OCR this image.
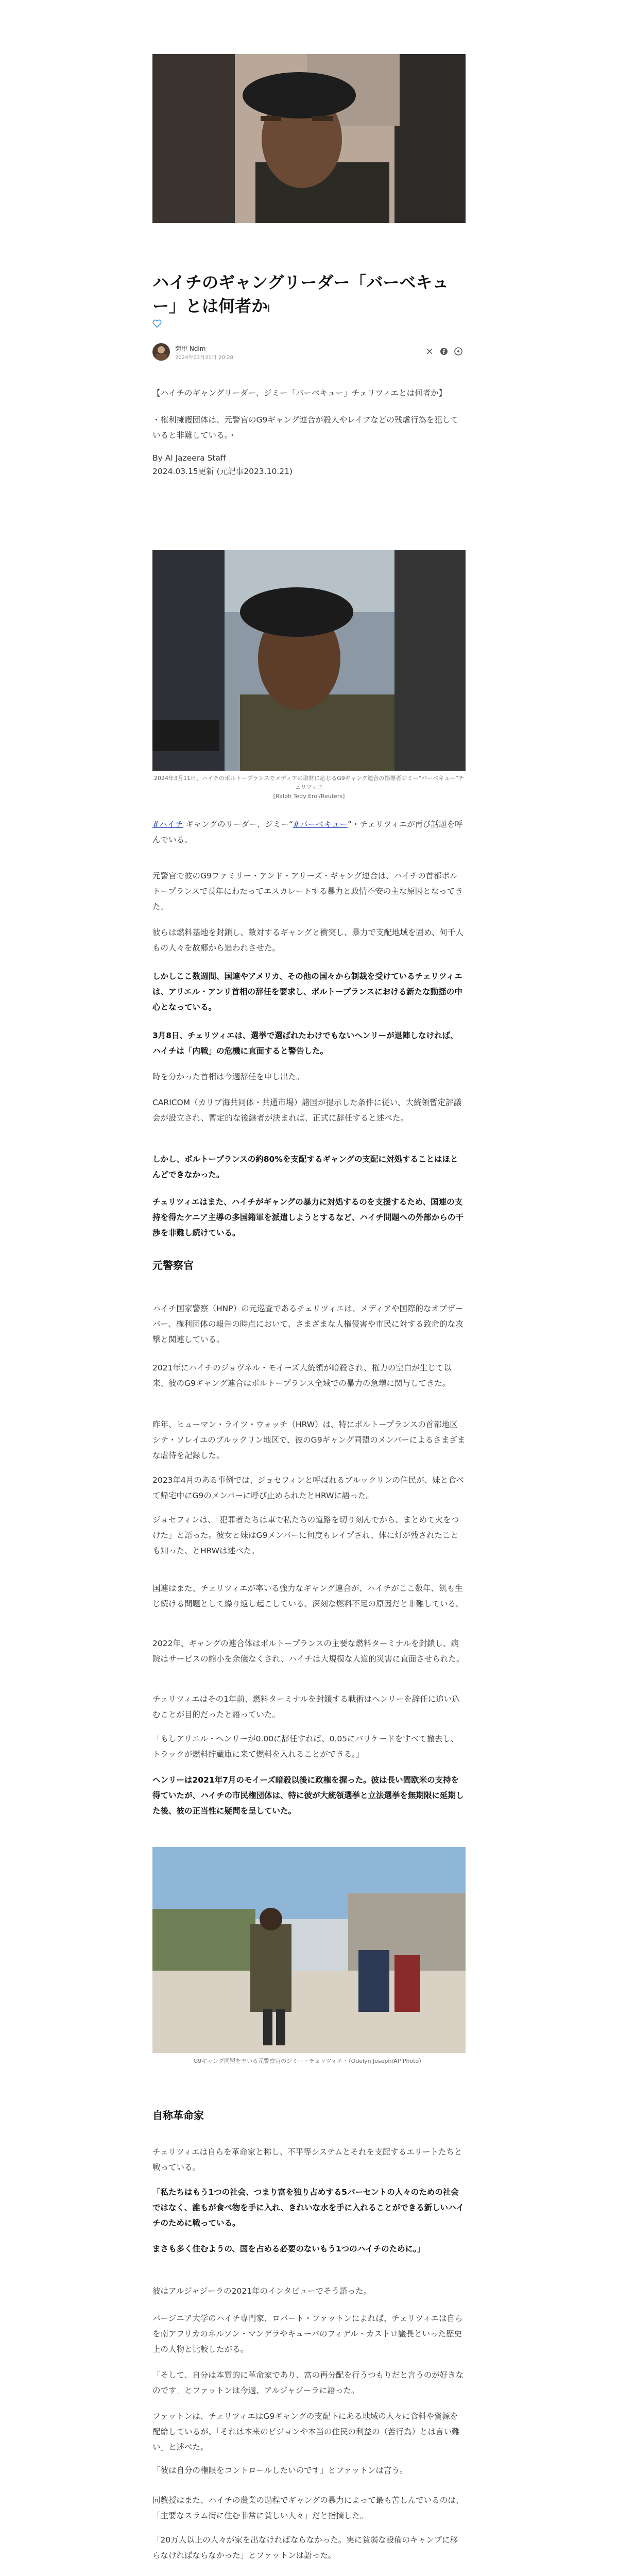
ハイチのギャングリーダー「バーベキュー」とは何者か𓏺
菊甲 Ndim
2024年03月21日 20:28

【ハイチのギャングリーダー、ジミー「バーベキュー」チェリツィエとは何者か】

・権利擁護団体は、元警官のG9ギャング連合が殺人やレイプなどの残虐行為を犯していると非難している。・

By Al Jazeera Staff

2024.03.15更新 (元記事2023.10.21)

2024年3月11日、ハイチのポルトープランスでメディアの取材に応じるG9ギャング連合の指導者ジミー“バーベキュー”チェリツィエ

[Ralph Tedy Erol/Reuters]

#ハイチ ギャングのリーダー、ジミー“#バーベキュー”・チェリツィエが再び話題を呼んでいる。

元警官で彼のG9ファミリー・アンド・アリーズ・ギャング連合は、ハイチの首都ポルトープランスで長年にわたってエスカレートする暴力と政情不安の主な原因となってきた。

彼らは燃料基地を封鎖し、敵対するギャングと衝突し、暴力で支配地域を固め、何千人もの人々を故郷から追われさせた。

しかしここ数週間、国連やアメリカ、その他の国々から制裁を受けているチェリツィエは、アリエル・アンリ首相の辞任を要求し、ポルトープランスにおける新たな動揺の中心となっている。

3月8日、チェリツィエは、選挙で選ばれたわけでもないヘンリーが退陣しなければ、ハイチは「内戦」の危機に直面すると警告した。

時を分かった首相は今週辞任を申し出た。

CARICOM（カリブ海共同体・共通市場）諸国が提示した条件に従い、大統領暫定評議会が設立され、暫定的な後継者が決まれば、正式に辞任すると述べた。

しかし、ポルトープランスの約80%を支配するギャングの支配に対処することはほとんどできなかった。

チェリツィエはまた、ハイチがギャングの暴力に対処するのを支援するため、国連の支持を得たケニア主導の多国籍軍を派遣しようとするなど、ハイチ問題への外部からの干渉を非難し続けている。

元警察官

ハイチ国家警察（HNP）の元巡査であるチェリツィエは、メディアや国際的なオブザーバー、権利団体の報告の時点において、さまざまな人権侵害や市民に対する致命的な攻撃と関連している。

2021年にハイチのジョヴネル・モイーズ大統領が暗殺され、権力の空白が生じて以来、彼のG9ギャング連合はポルトープランス全域での暴力の急増に関与してきた。

昨年、ヒューマン・ライツ・ウォッチ（HRW）は、特にポルトープランスの首都地区シテ・ソレイユのブルックリン地区で、彼のG9ギャング同盟のメンバーによるさまざまな虐待を記録した。

2023年4月のある事例では、ジョセフィンと呼ばれるブルックリンの住民が、妹と食べて帰宅中にG9のメンバーに呼び止められたとHRWに語った。

ジョセフィンは、「犯罪者たちは車で私たちの道路を切り刻んでから、まとめて火をつけた」と語った。彼女と妹はG9メンバーに何度もレイプされ、体に灯が残されたことも知った、とHRWは述べた。

国連はまた、チェリツィエが率いる強力なギャング連合が、ハイチがここ数年、飢も生じ続ける問題として繰り返し起こしている、深刻な燃料不足の原因だと非難している。

2022年、ギャングの連合体はポルトープランスの主要な燃料ターミナルを封鎖し、病院はサービスの縮小を余儀なくされ、ハイチは大規模な人道的災害に直面させられた。

チェリツィエはその1年前、燃料ターミナルを封鎖する戦術はヘンリーを辞任に追い込むことが目的だったと語っていた。

「もしアリエル・ヘンリーが0.00に辞任すれば、0.05にバリケードをすべて撤去し、トラックが燃料貯蔵庫に来て燃料を入れることができる。」

ヘンリーは2021年7月のモイーズ暗殺以後に政権を握った。彼は長い間欧米の支持を得ていたが、ハイチの市民権団体は、特に彼が大統領選挙と立法選挙を無期限に延期した後、彼の正当性に疑問を呈していた。

G9ギャング同盟を率いる元警察官のジミー・チェリツィエ・（Odelyn Joseph/AP Photo）

自称革命家

チェリツィエは自らを革命家と称し、不平等システムとそれを支配するエリートたちと戦っている。

「私たちはもう1つの社会、つまり富を独り占めする5パーセントの人々のための社会ではなく、誰もが食べ物を手に入れ、きれいな水を手に入れることができる新しいハイチのために戦っている。

まさも多く住むようの、国を占める必要のないもう1つのハイチのために。」

彼はアルジャジーラの2021年のインタビューでそう語った。

バージニア大学のハイチ専門家、ロバート・ファットンによれば、チェリツィエは自らを南アフリカのネルソン・マンデラやキューバのフィデル・カストロ議長といった歴史上の人物と比較したがる。

「そして、自分は本質的に革命家であり、富の再分配を行うつもりだと言うのが好きなのです」とファットンは今週、アルジャジーラに語った。

ファットンは、チェリツィエはG9ギャングの支配下にある地域の人々に食料や資源を配給しているが、「それは本来のビジョンや本当の住民の利益の（苦行為）とは言い難い」と述べた。

「彼は自分の権限をコントロールしたいのです」とファットンは言う。

同教授はまた、ハイチの農業の過程でギャングの暴力によって最も苦しんでいるのは、「主要なスラム街に住む非常に貧しい人々」だと指摘した。

「20万人以上の人々が家を出なければならなかった。実に貧弱な設備のキャンプに移らなければならなかった」とファットンは語った。
